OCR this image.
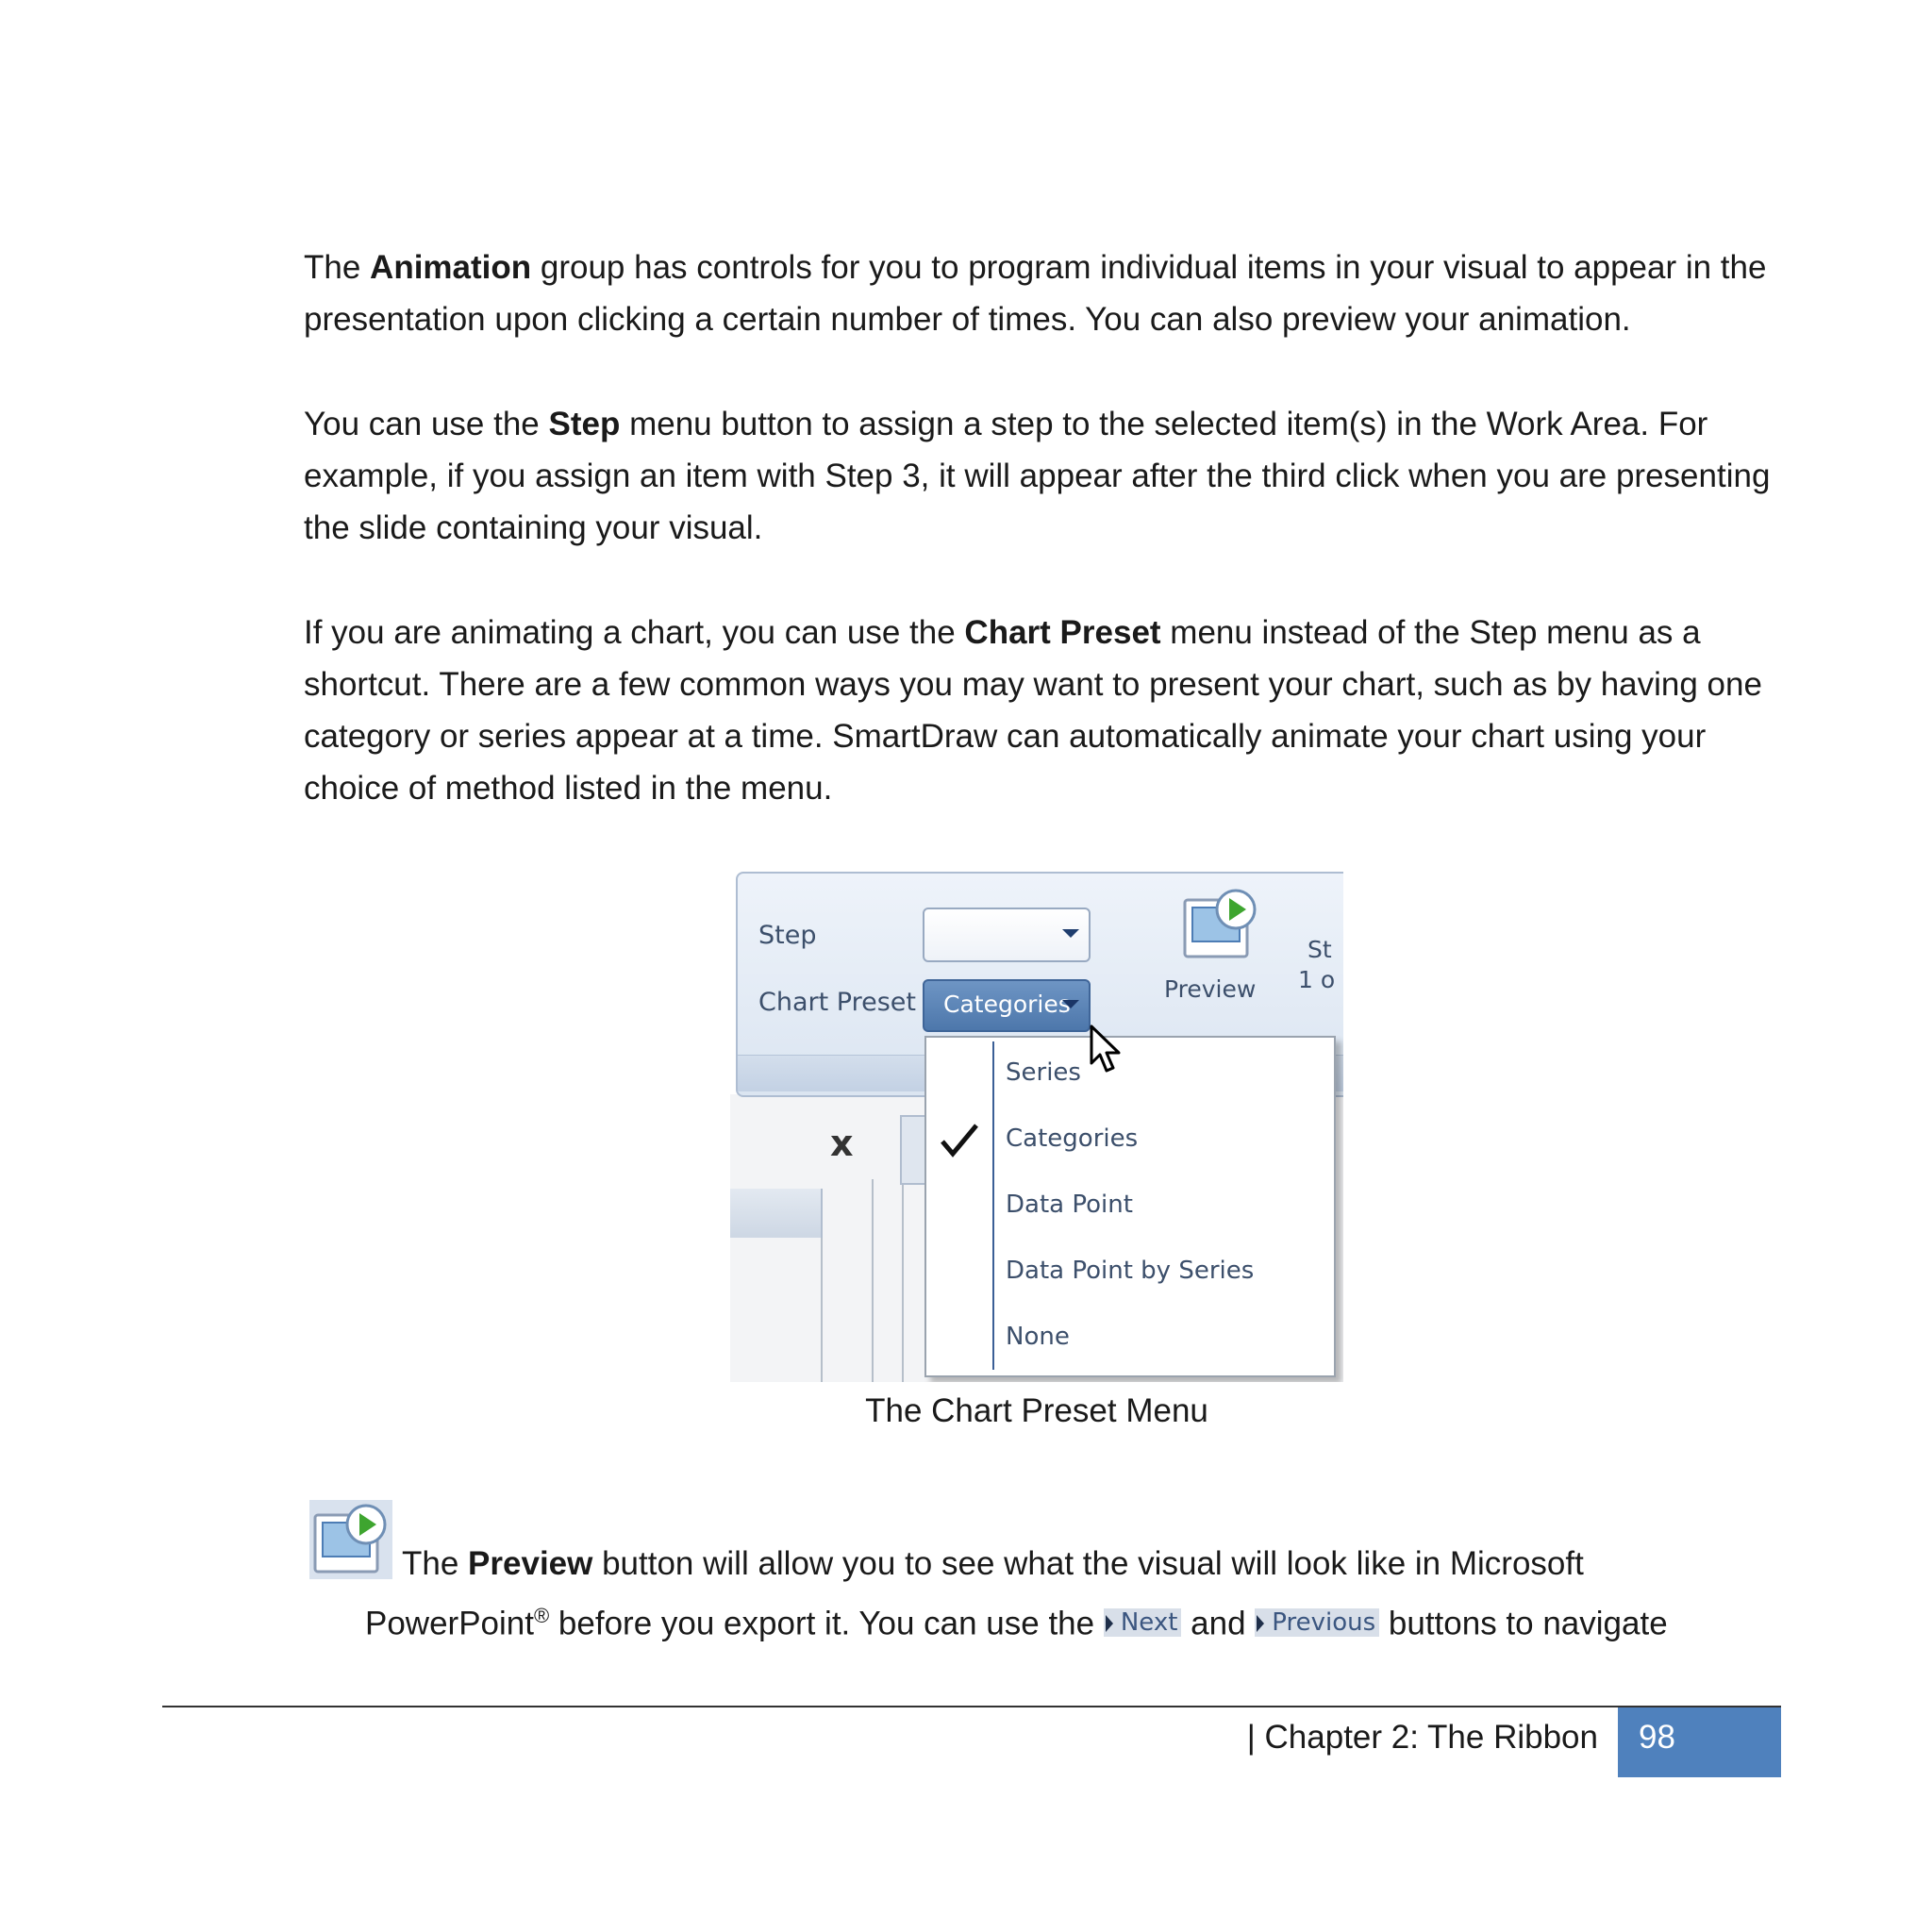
The Animation group has controls for you to program individual items in your visual to appear in the presentation upon clicking a certain number of times. You can also preview your animation.

You can use the Step menu button to assign a step to the selected item(s) in the Work Area. For example, if you assign an item with Step 3, it will appear after the third click when you are presenting the slide containing your visual.

If you are animating a chart, you can use the Chart Preset menu instead of the Step menu as a shortcut. There are a few common ways you may want to present your chart, such as by having one category or series appear at a time. SmartDraw can automatically animate your chart using your choice of method listed in the menu.

x
Step
Chart Preset Categories
Preview
St
1 o
Series
Categories
Data Point
Data Point by Series
None
The Chart Preset Menu

The Preview button will allow you to see what the visual will look like in Microsoft

PowerPoint® before you export it. You can use the Next and Previous buttons to navigate

| Chapter 2: The Ribbon 98
